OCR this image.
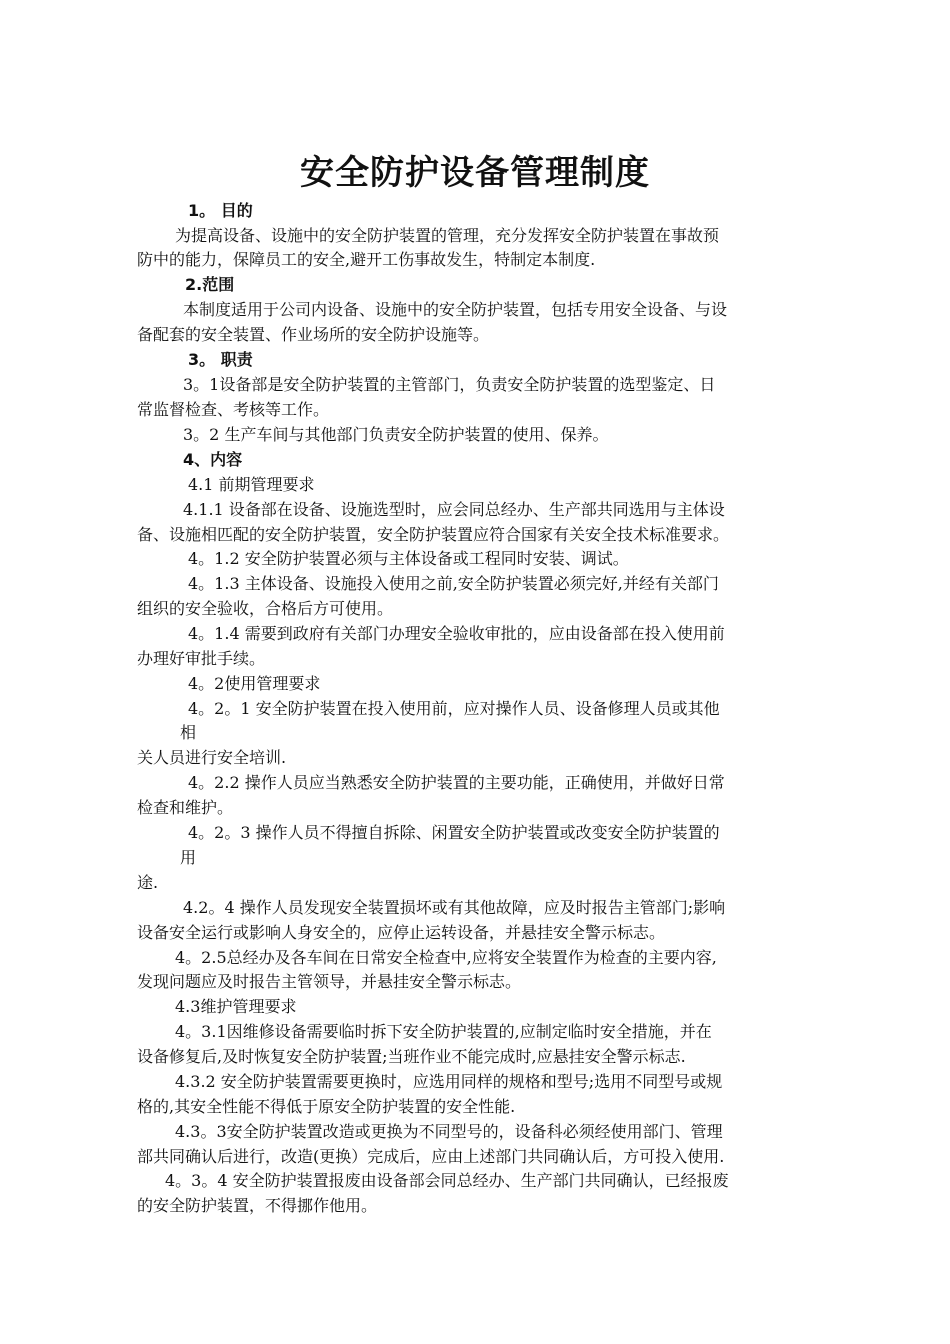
安全防护设备管理制度
1。 目的
为提高设备、设施中的安全防护装置的管理，充分发挥安全防护装置在事故预
防中的能力，保障员工的安全,避开工伤事故发生，特制定本制度.
2.范围
本制度适用于公司内设备、设施中的安全防护装置，包括专用安全设备、与设
备配套的安全装置、作业场所的安全防护设施等。
3。 职责
3。1设备部是安全防护装置的主管部门，负责安全防护装置的选型鉴定、日
常监督检查、考核等工作。
3。2 生产车间与其他部门负责安全防护装置的使用、保养。
4、内容
4.1 前期管理要求
4.1.1 设备部在设备、设施选型时，应会同总经办、生产部共同选用与主体设
备、设施相匹配的安全防护装置，安全防护装置应符合国家有关安全技术标准要求。
4。1.2 安全防护装置必须与主体设备或工程同时安装、调试。
4。1.3 主体设备、设施投入使用之前,安全防护装置必须完好,并经有关部门
组织的安全验收，合格后方可使用。
4。1.4 需要到政府有关部门办理安全验收审批的，应由设备部在投入使用前
办理好审批手续。
4。2使用管理要求
4。2。1 安全防护装置在投入使用前，应对操作人员、设备修理人员或其他
相
关人员进行安全培训.
4。2.2 操作人员应当熟悉安全防护装置的主要功能，正确使用，并做好日常
检查和维护。
4。2。3 操作人员不得擅自拆除、闲置安全防护装置或改变安全防护装置的
用
途.
4.2。4 操作人员发现安全装置损坏或有其他故障，应及时报告主管部门;影响
设备安全运行或影响人身安全的，应停止运转设备，并悬挂安全警示标志。
4。2.5总经办及各车间在日常安全检查中,应将安全装置作为检查的主要内容,
发现问题应及时报告主管领导，并悬挂安全警示标志。
4.3维护管理要求
4。3.1因维修设备需要临时拆下安全防护装置的,应制定临时安全措施，并在
设备修复后,及时恢复安全防护装置;当班作业不能完成时,应悬挂安全警示标志.
4.3.2 安全防护装置需要更换时，应选用同样的规格和型号;选用不同型号或规
格的,其安全性能不得低于原安全防护装置的安全性能.
4.3。3安全防护装置改造或更换为不同型号的，设备科必须经使用部门、管理
部共同确认后进行，改造(更换）完成后，应由上述部门共同确认后，方可投入使用.
4。3。4 安全防护装置报废由设备部会同总经办、生产部门共同确认，已经报废
的安全防护装置，不得挪作他用。
